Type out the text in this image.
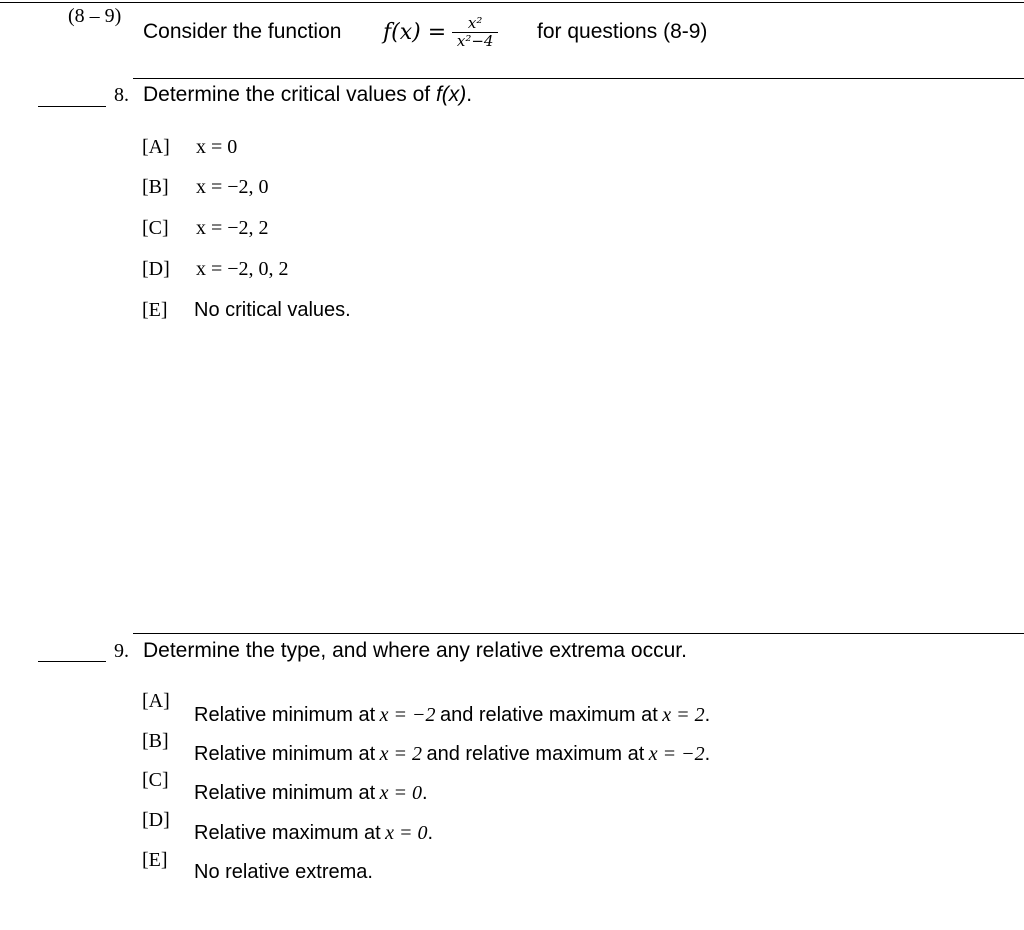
(8 – 9)
Consider the function $f(x) = \frac{\text{x²}}{\text{x²−4}}$ for questions (8-9)
8. Determine the critical values of f(x).
[A] x = 0
[B] x = −2, 0
[C] x = −2, 2
[D] x = −2, 0, 2
[E] No critical values.
9. Determine the type, and where any relative extrema occur.
[A]
Relative minimum at x = −2 and relative maximum at x = 2.
[B]
Relative minimum at x = 2 and relative maximum at x = −2.
[C]
Relative minimum at x = 0.
[D]
Relative maximum at x = 0.
[E]
No relative extrema.
